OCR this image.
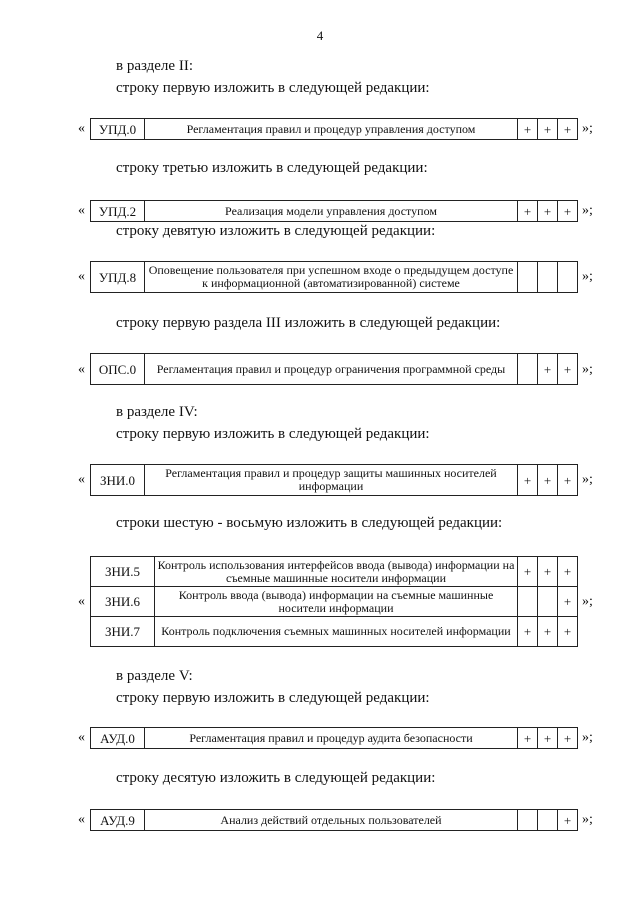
4
в разделе II:
строку первую изложить в следующей редакции:
« УПД.0	Регламентация правил и процедур управления доступом	+	+	+ »;
строку третью изложить в следующей редакции:
« УПД.2	Реализация модели управления доступом	+	+	+ »;
строку девятую изложить в следующей редакции:
« УПД.8	Оповещение пользователя при успешном входе о предыдущем доступе к информационной (автоматизированной) системе				»;
строку первую раздела III изложить в следующей редакции:
« ОПС.0	Регламентация правил и процедур ограничения программной среды		+	+ »;
в разделе IV:
строку первую изложить в следующей редакции:
« ЗНИ.0	Регламентация правил и процедур защиты машинных носителей информации	+	+	+ »;
строки шестую - восьмую изложить в следующей редакции:
«
ЗНИ.5	Контроль использования интерфейсов ввода (вывода) информации на съемные машинные носители информации	+	+	+
ЗНИ.6	Контроль ввода (вывода) информации на съемные машинные носители информации			+
ЗНИ.7	Контроль подключения съемных машинных носителей информации	+	+	+
»;
в разделе V:
строку первую изложить в следующей редакции:
« АУД.0	Регламентация правил и процедур аудита безопасности	+	+	+ »;
строку десятую изложить в следующей редакции:
« АУД.9	Анализ действий отдельных пользователей			+ »;
